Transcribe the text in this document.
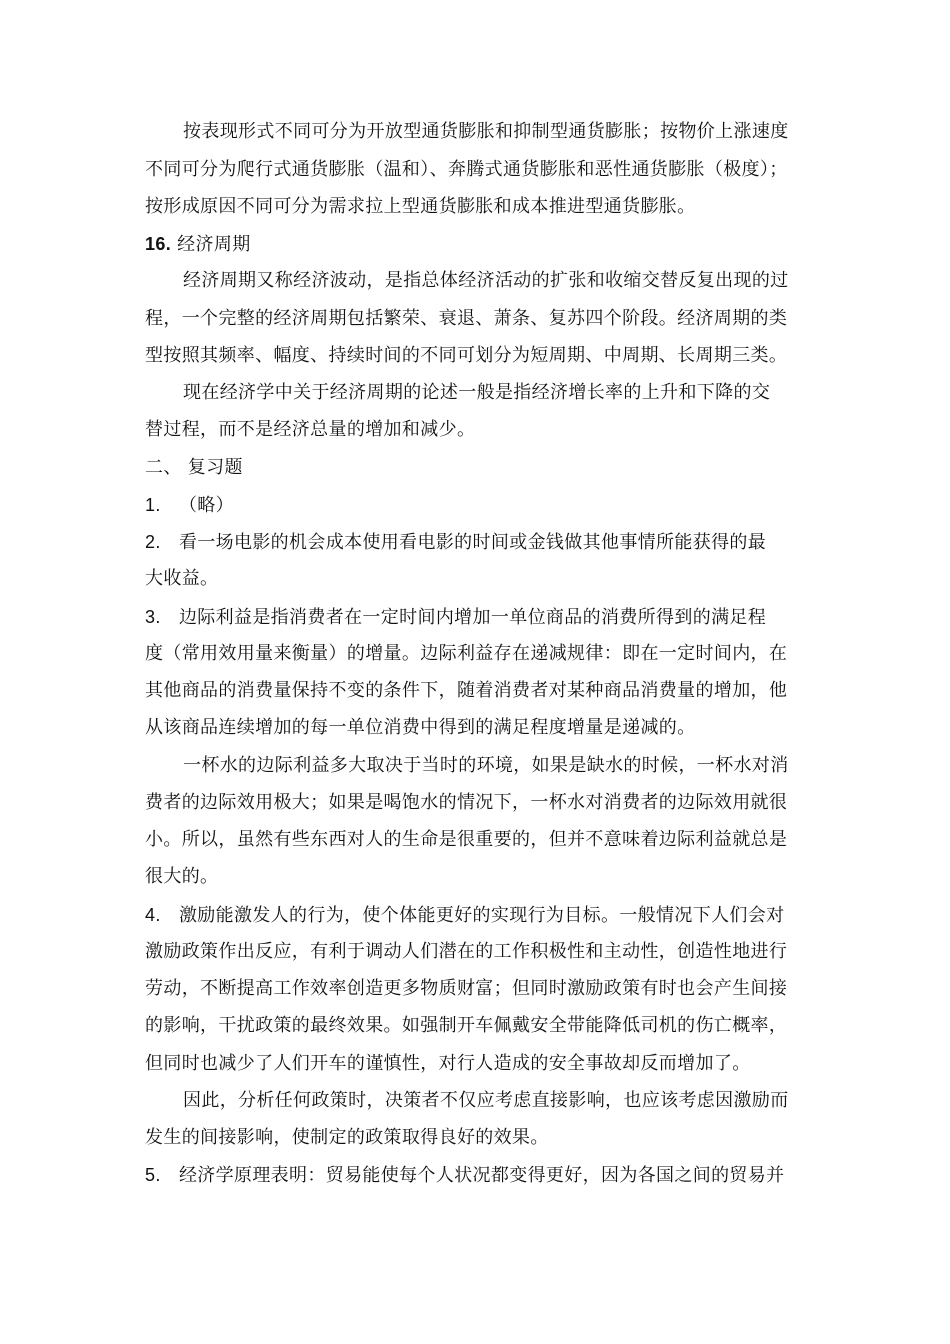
按表现形式不同可分为开放型通货膨胀和抑制型通货膨胀；按物价上涨速度
不同可分为爬行式通货膨胀（温和）、奔腾式通货膨胀和恶性通货膨胀（极度）；
按形成原因不同可分为需求拉上型通货膨胀和成本推进型通货膨胀。
16. 经济周期
经济周期又称经济波动，是指总体经济活动的扩张和收缩交替反复出现的过
程，一个完整的经济周期包括繁荣、衰退、萧条、复苏四个阶段。经济周期的类
型按照其频率、幅度、持续时间的不同可划分为短周期、中周期、长周期三类。
现在经济学中关于经济周期的论述一般是指经济增长率的上升和下降的交
替过程，而不是经济总量的增加和减少。
二、 复习题
1. （略）
2. 看一场电影的机会成本使用看电影的时间或金钱做其他事情所能获得的最
大收益。
3. 边际利益是指消费者在一定时间内增加一单位商品的消费所得到的满足程
度（常用效用量来衡量）的增量。边际利益存在递减规律：即在一定时间内，在
其他商品的消费量保持不变的条件下，随着消费者对某种商品消费量的增加，他
从该商品连续增加的每一单位消费中得到的满足程度增量是递减的。
一杯水的边际利益多大取决于当时的环境，如果是缺水的时候，一杯水对消
费者的边际效用极大；如果是喝饱水的情况下，一杯水对消费者的边际效用就很
小。所以，虽然有些东西对人的生命是很重要的，但并不意味着边际利益就总是
很大的。
4. 激励能激发人的行为，使个体能更好的实现行为目标。一般情况下人们会对
激励政策作出反应，有利于调动人们潜在的工作积极性和主动性，创造性地进行
劳动，不断提高工作效率创造更多物质财富；但同时激励政策有时也会产生间接
的影响，干扰政策的最终效果。如强制开车佩戴安全带能降低司机的伤亡概率，
但同时也减少了人们开车的谨慎性，对行人造成的安全事故却反而增加了。
因此，分析任何政策时，决策者不仅应考虑直接影响，也应该考虑因激励而
发生的间接影响，使制定的政策取得良好的效果。
5. 经济学原理表明：贸易能使每个人状况都变得更好，因为各国之间的贸易并
